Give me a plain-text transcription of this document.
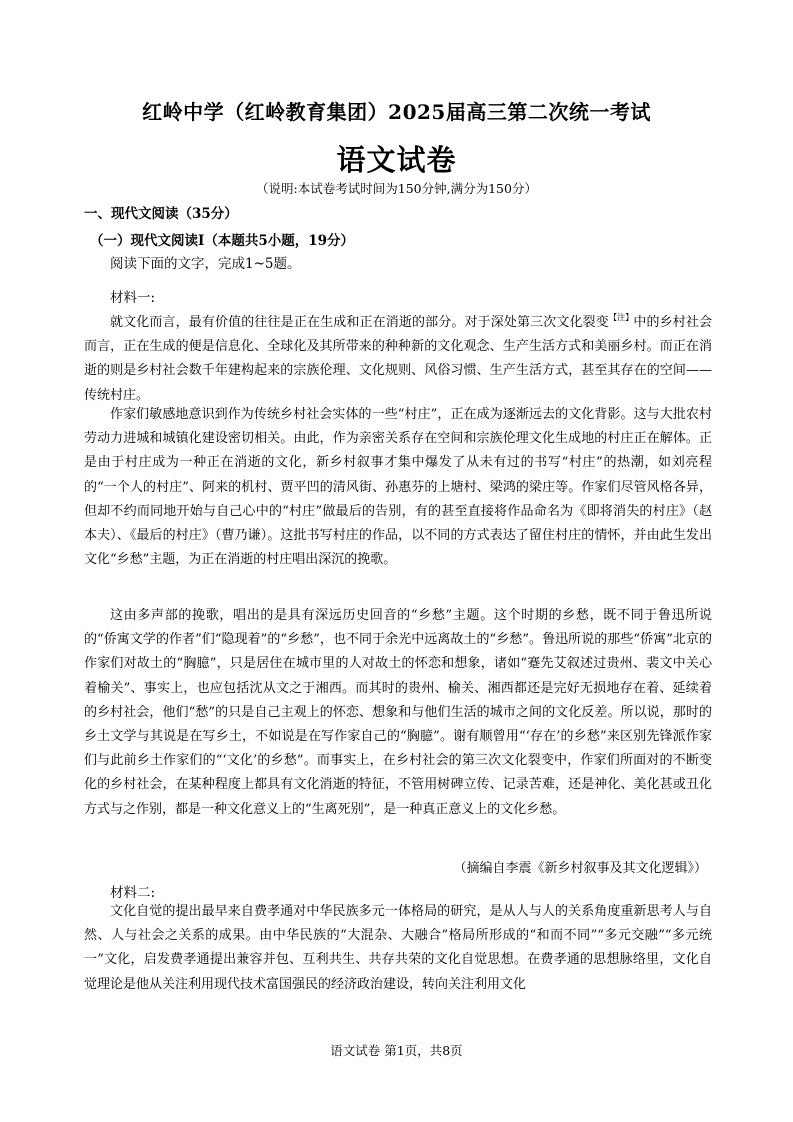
红岭中学（红岭教育集团）2025届高三第二次统一考试
语文试卷
（说明:本试卷考试时间为150分钟,满分为150分）
一、现代文阅读（35分）
（一）现代文阅读Ⅰ（本题共5小题，19分）
阅读下面的文字，完成1~5题。
材料一:

就文化而言，最有价值的往往是正在生成和正在消逝的部分。对于深处第三次文化裂变$^{【注】}$中的乡村社会而言，正在生成的便是信息化、全球化及其所带来的种种新的文化观念、生产生活方式和美丽乡村。而正在消逝的则是乡村社会数千年建构起来的宗族伦理、文化规则、风俗习惯、生产生活方式，甚至其存在的空间——传统村庄。

作家们敏感地意识到作为传统乡村社会实体的一些“村庄”，正在成为逐渐远去的文化背影。这与大批农村劳动力进城和城镇化建设密切相关。由此，作为亲密关系存在空间和宗族伦理文化生成地的村庄正在解体。正是由于村庄成为一种正在消逝的文化，新乡村叙事才集中爆发了从未有过的书写“村庄”的热潮，如刘亮程的“一个人的村庄”、阿来的机村、贾平凹的清风街、孙惠芬的上塘村、梁鸿的梁庄等。作家们尽管风格各异，但却不约而同地开始与自己心中的“村庄”做最后的告别，有的甚至直接将作品命名为《即将消失的村庄》（赵本夫）、《最后的村庄》（曹乃谦）。这批书写村庄的作品，以不同的方式表达了留住村庄的情怀，并由此生发出文化“乡愁”主题，为正在消逝的村庄唱出深沉的挽歌。

这由多声部的挽歌，唱出的是具有深远历史回音的“乡愁”主题。这个时期的乡愁，既不同于鲁迅所说的“侨寓文学的作者”们“隐现着”的“乡愁”，也不同于余光中远离故土的“乡愁”。鲁迅所说的那些“侨寓”北京的作家们对故土的“胸臆”，只是居住在城市里的人对故土的怀恋和想象，诸如“蹇先艾叙述过贵州、裴文中关心着榆关”、事实上，也应包括沈从文之于湘西。而其时的贵州、榆关、湘西都还是完好无损地存在着、延续着的乡村社会，他们“愁”的只是自己主观上的怀恋、想象和与他们生活的城市之间的文化反差。所以说，那时的乡土文学与其说是在写乡土，不如说是在写作家自己的“胸臆”。谢有顺曾用“‘存在’的乡愁”来区别先锋派作家们与此前乡土作家们的“‘文化’的乡愁”。而事实上，在乡村社会的第三次文化裂变中，作家们所面对的不断变化的乡村社会，在某种程度上都具有文化消逝的特征，不管用树碑立传、记录苦难，还是神化、美化甚或丑化方式与之作别，都是一种文化意义上的“生离死别”，是一种真正意义上的文化乡愁。

（摘编自李震《新乡村叙事及其文化逻辑》）
材料二:

文化自觉的提出最早来自费孝通对中华民族多元一体格局的研究，是从人与人的关系角度重新思考人与自然、人与社会之关系的成果。由中华民族的“大混杂、大融合”格局所形成的“和而不同”“多元交融”“多元统一”文化，启发费孝通提出兼容并包、互利共生、共存共荣的文化自觉思想。在费孝通的思想脉络里，文化自觉理论是他从关注利用现代技术富国强民的经济政治建设，转向关注利用文化

语文试卷 第1页，共8页
